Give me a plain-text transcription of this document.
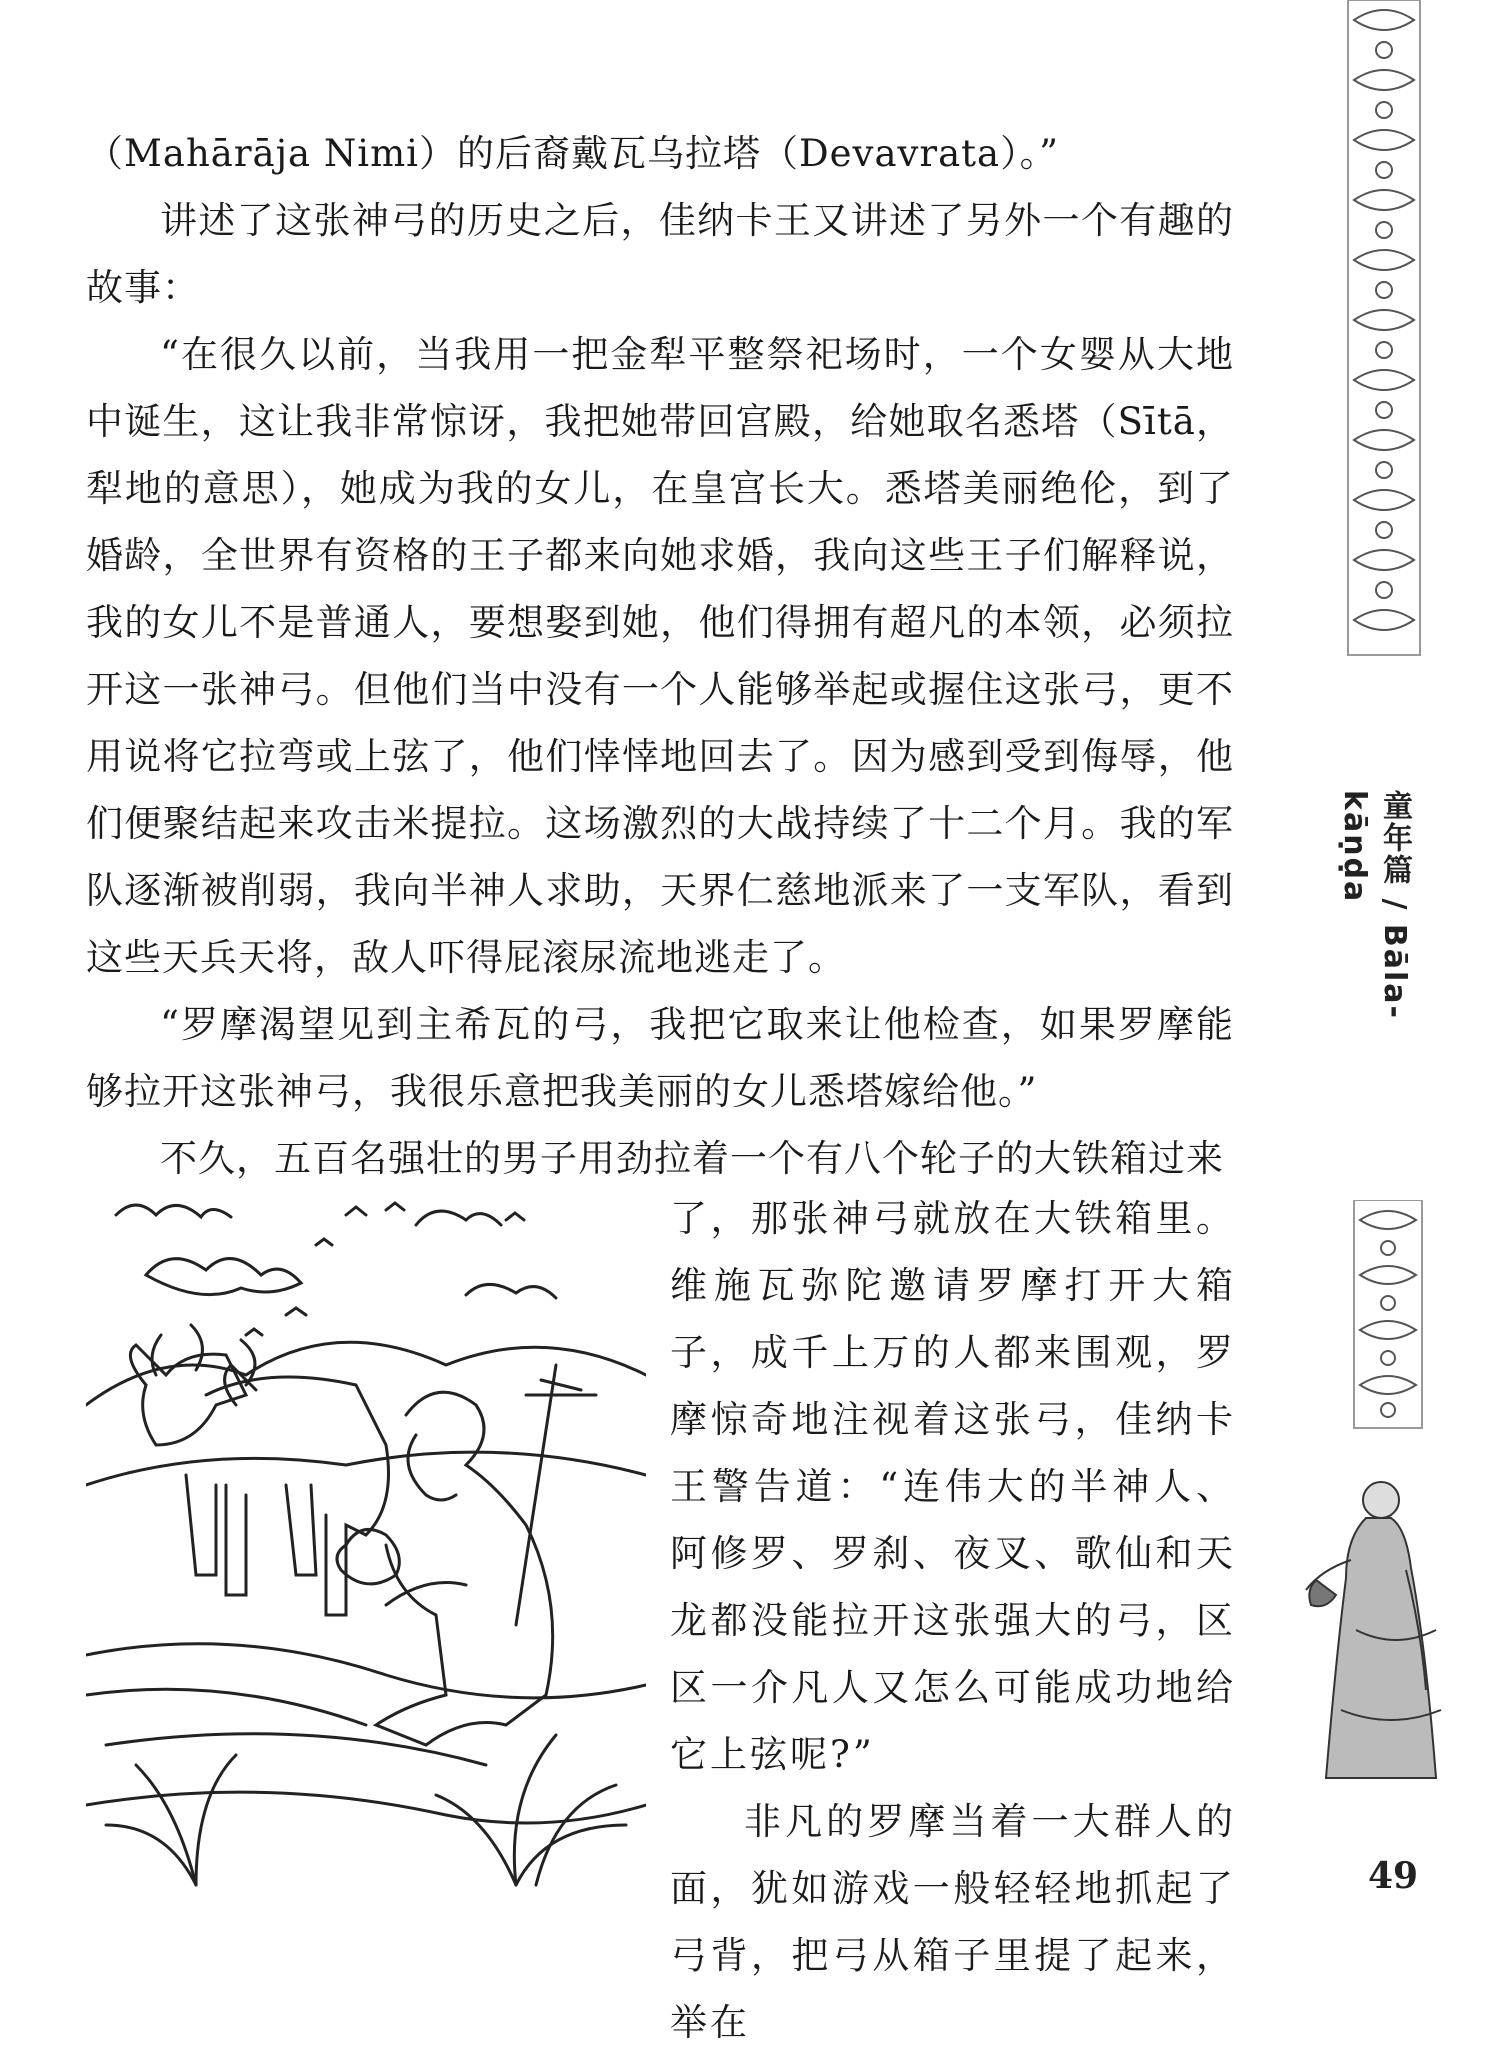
（Mahārāja Nimi）的后裔戴瓦乌拉塔（Devavrata）。”

讲述了这张神弓的历史之后，佳纳卡王又讲述了另外一个有趣的故事：

“在很久以前，当我用一把金犁平整祭祀场时，一个女婴从大地中诞生，这让我非常惊讶，我把她带回宫殿，给她取名悉塔（Sītā，犁地的意思），她成为我的女儿，在皇宫长大。悉塔美丽绝伦，到了婚龄，全世界有资格的王子都来向她求婚，我向这些王子们解释说，我的女儿不是普通人，要想娶到她，他们得拥有超凡的本领，必须拉开这一张神弓。但他们当中没有一个人能够举起或握住这张弓，更不用说将它拉弯或上弦了，他们悻悻地回去了。因为感到受到侮辱，他们便聚结起来攻击米提拉。这场激烈的大战持续了十二个月。我的军队逐渐被削弱，我向半神人求助，天界仁慈地派来了一支军队，看到这些天兵天将，敌人吓得屁滚尿流地逃走了。

“罗摩渴望见到主希瓦的弓，我把它取来让他检查，如果罗摩能够拉开这张神弓，我很乐意把我美丽的女儿悉塔嫁给他。”

不久，五百名强壮的男子用劲拉着一个有八个轮子的大铁箱过来

了，那张神弓就放在大铁箱里。维施瓦弥陀邀请罗摩打开大箱子，成千上万的人都来围观，罗摩惊奇地注视着这张弓，佳纳卡王警告道：“连伟大的半神人、阿修罗、罗刹、夜叉、歌仙和天龙都没能拉开这张强大的弓，区区一介凡人又怎么可能成功地给它上弦呢?”

非凡的罗摩当着一大群人的面，犹如游戏一般轻轻地抓起了弓背，把弓从箱子里提了起来，举在

童年篇 / Bāla-kāṇḍa
49
